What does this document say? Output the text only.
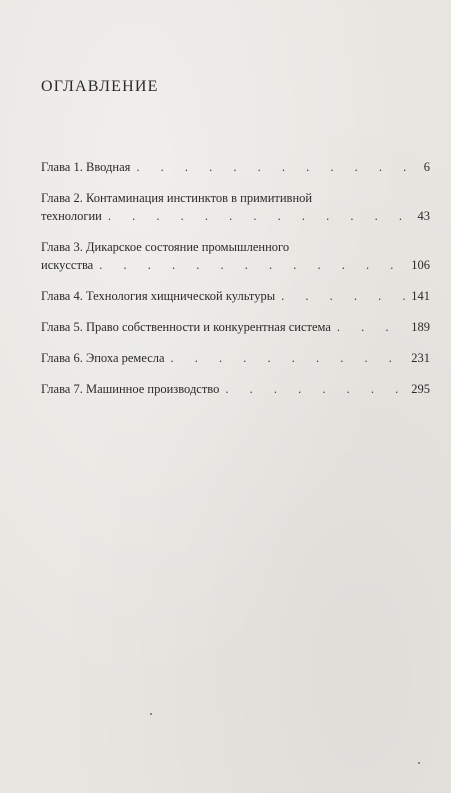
ОГЛАВЛЕНИЕ
Глава 1. Вводная . . .	6
Глава 2. Контаминация инстинктов в примитивной
технологии . . .	43
Глава 3. Дикарское состояние промышленного
искусства . . .	106
Глава 4. Технология хищнической культуры . . .	141
Глава 5. Право собственности и конкурентная система . . .	189
Глава 6. Эпоха ремесла . . .	231
Глава 7. Машинное производство . . .	295
